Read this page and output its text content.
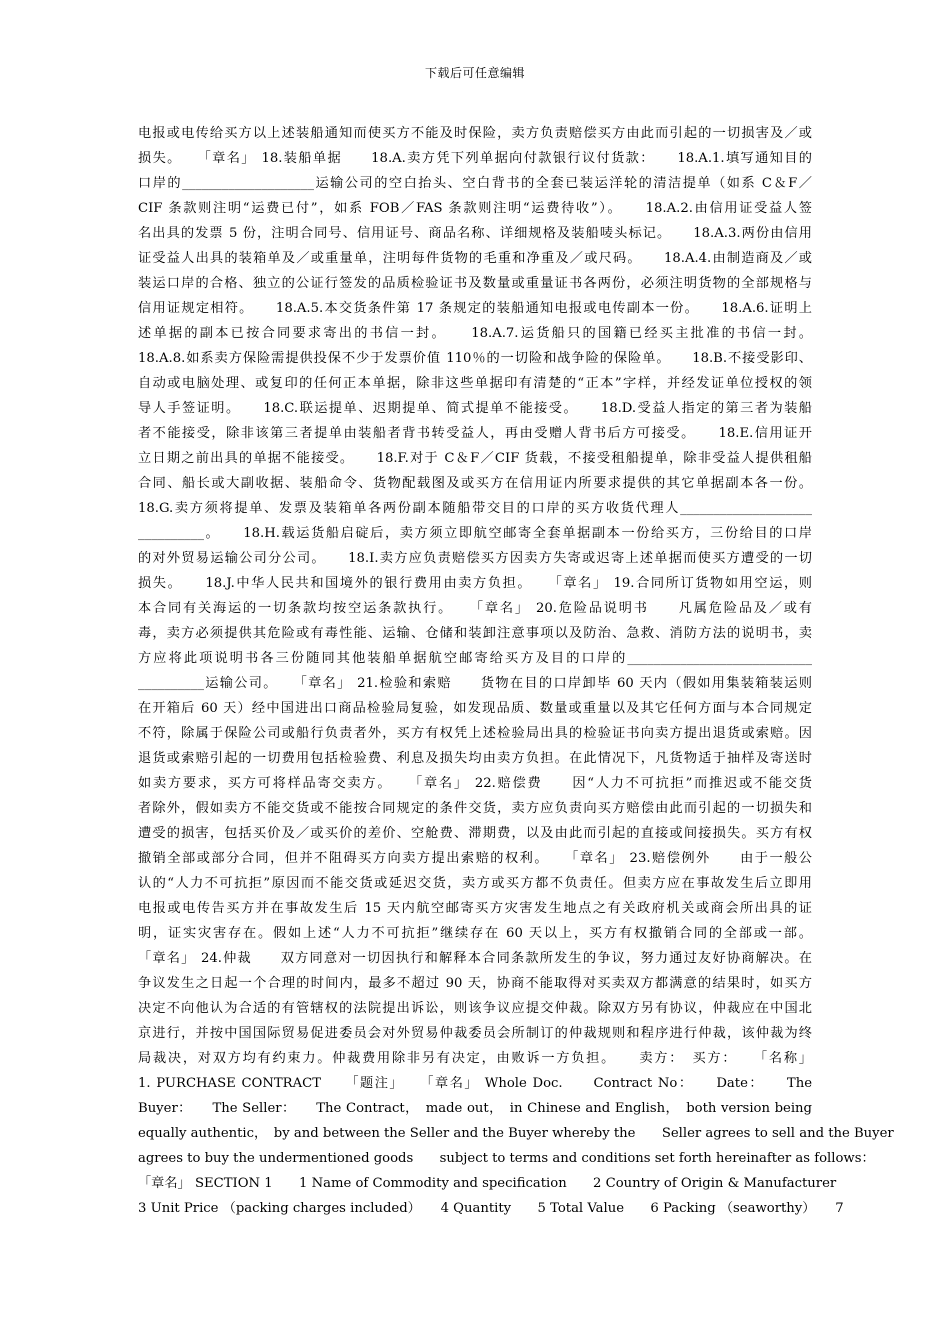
下载后可任意编辑

电报或电传给买方以上述装船通知而使买方不能及时保险，卖方负责赔偿买方由此而引起的一切损害及／或

损失。　　「章名」 18.装船单据　　18.A.卖方凭下列单据向付款银行议付货款：　　18.A.1.填写通知目的

口岸的____________________运输公司的空白抬头、空白背书的全套已装运洋轮的清洁提单（如系 C＆F／

CIF 条款则注明“运费已付”，如系 FOB／FAS 条款则注明“运费待收”）。　　18.A.2.由信用证受益人签

名出具的发票 5 份，注明合同号、信用证号、商品名称、详细规格及装船唛头标记。　　18.A.3.两份由信用

证受益人出具的装箱单及／或重量单，注明每件货物的毛重和净重及／或尺码。　　18.A.4.由制造商及／或

装运口岸的合格、独立的公证行签发的品质检验证书及数量或重量证书各两份，必须注明货物的全部规格与

信用证规定相符。　　18.A.5.本交货条件第 17 条规定的装船通知电报或电传副本一份。　　18.A.6.证明上

述单据的副本已按合同要求寄出的书信一封。　　18.A.7.运货船只的国籍已经买主批准的书信一封。

18.A.8.如系卖方保险需提供投保不少于发票价值 110％的一切险和战争险的保险单。　　18.B.不接受影印、

自动或电脑处理、或复印的任何正本单据，除非这些单据印有清楚的“正本”字样，并经发证单位授权的领

导人手签证明。　　18.C.联运提单、迟期提单、简式提单不能接受。　　18.D.受益人指定的第三者为装船

者不能接受，除非该第三者提单由装船者背书转受益人，再由受赠人背书后方可接受。　　18.E.信用证开

立日期之前出具的单据不能接受。　　18.F.对于 C＆F／CIF 货载，不接受租船提单，除非受益人提供租船

合同、船长或大副收据、装船命令、货物配载图及或买方在信用证内所要求提供的其它单据副本各一份。

18.G.卖方须将提单、发票及装箱单各两份副本随船带交目的口岸的买方收货代理人____________________

__________。　　18.H.载运货船启碇后，卖方须立即航空邮寄全套单据副本一份给买方，三份给目的口岸

的对外贸易运输公司分公司。　　18.I.卖方应负责赔偿买方因卖方失寄或迟寄上述单据而使买方遭受的一切

损失。　　18.J.中华人民共和国境外的银行费用由卖方负担。　　「章名」 19.合同所订货物如用空运，则

本合同有关海运的一切条款均按空运条款执行。　　「章名」 20.危险品说明书　　凡属危险品及／或有

毒，卖方必须提供其危险或有毒性能、运输、仓储和装卸注意事项以及防治、急救、消防方法的说明书，卖

方应将此项说明书各三份随同其他装船单据航空邮寄给买方及目的口岸的____________________________

__________运输公司。　　「章名」 21.检验和索赔　　货物在目的口岸卸毕 60 天内（假如用集装箱装运则

在开箱后 60 天）经中国进出口商品检验局复验，如发现品质、数量或重量以及其它任何方面与本合同规定

不符，除属于保险公司或船行负责者外，买方有权凭上述检验局出具的检验证书向卖方提出退货或索赔。因

退货或索赔引起的一切费用包括检验费、利息及损失均由卖方负担。在此情况下，凡货物适于抽样及寄送时

如卖方要求，买方可将样品寄交卖方。　　「章名」 22.赔偿费　　因“人力不可抗拒”而推迟或不能交货

者除外，假如卖方不能交货或不能按合同规定的条件交货，卖方应负责向买方赔偿由此而引起的一切损失和

遭受的损害，包括买价及／或买价的差价、空舱费、滞期费，以及由此而引起的直接或间接损失。买方有权

撤销全部或部分合同，但并不阻碍买方向卖方提出索赔的权利。　　「章名」 23.赔偿例外　　由于一般公

认的“人力不可抗拒”原因而不能交货或延迟交货，卖方或买方都不负责任。但卖方应在事故发生后立即用

电报或电传告买方并在事故发生后 15 天内航空邮寄买方灾害发生地点之有关政府机关或商会所出具的证

明，证实灾害存在。假如上述“人力不可抗拒”继续存在 60 天以上，买方有权撤销合同的全部或一部。

「章名」 24.仲裁　　双方同意对一切因执行和解释本合同条款所发生的争议，努力通过友好协商解决。在

争议发生之日起一个合理的时间内，最多不超过 90 天，协商不能取得对买卖双方都满意的结果时，如买方

决定不向他认为合适的有管辖权的法院提出诉讼，则该争议应提交仲裁。除双方另有协议，仲裁应在中国北

京进行，并按中国国际贸易促进委员会对外贸易仲裁委员会所制订的仲裁规则和程序进行仲裁，该仲裁为终

局裁决，对双方均有约束力。仲裁费用除非另有决定，由败诉一方负担。　　卖方：　买方：　　「名称」

1. PURCHASE CONTRACT　　「题注」　　「章名」 Whole Doc.　　Contract No：　　Date：　　The

Buyer：　　The Seller：　　The Contract，　made out，　in Chinese and English，　both version being

equally authentic，　by and between the Seller and the Buyer whereby the　　Seller agrees to sell and the Buyer

agrees to buy the undermentioned goods　　subject to terms and conditions set forth hereinafter as follows：

「章名」 SECTION 1　　1 Name of Commodity and specification　　2 Country of Origin & Manufacturer

3 Unit Price （packing charges included）　　4 Quantity　　5 Total Value　　6 Packing （seaworthy）　　7
